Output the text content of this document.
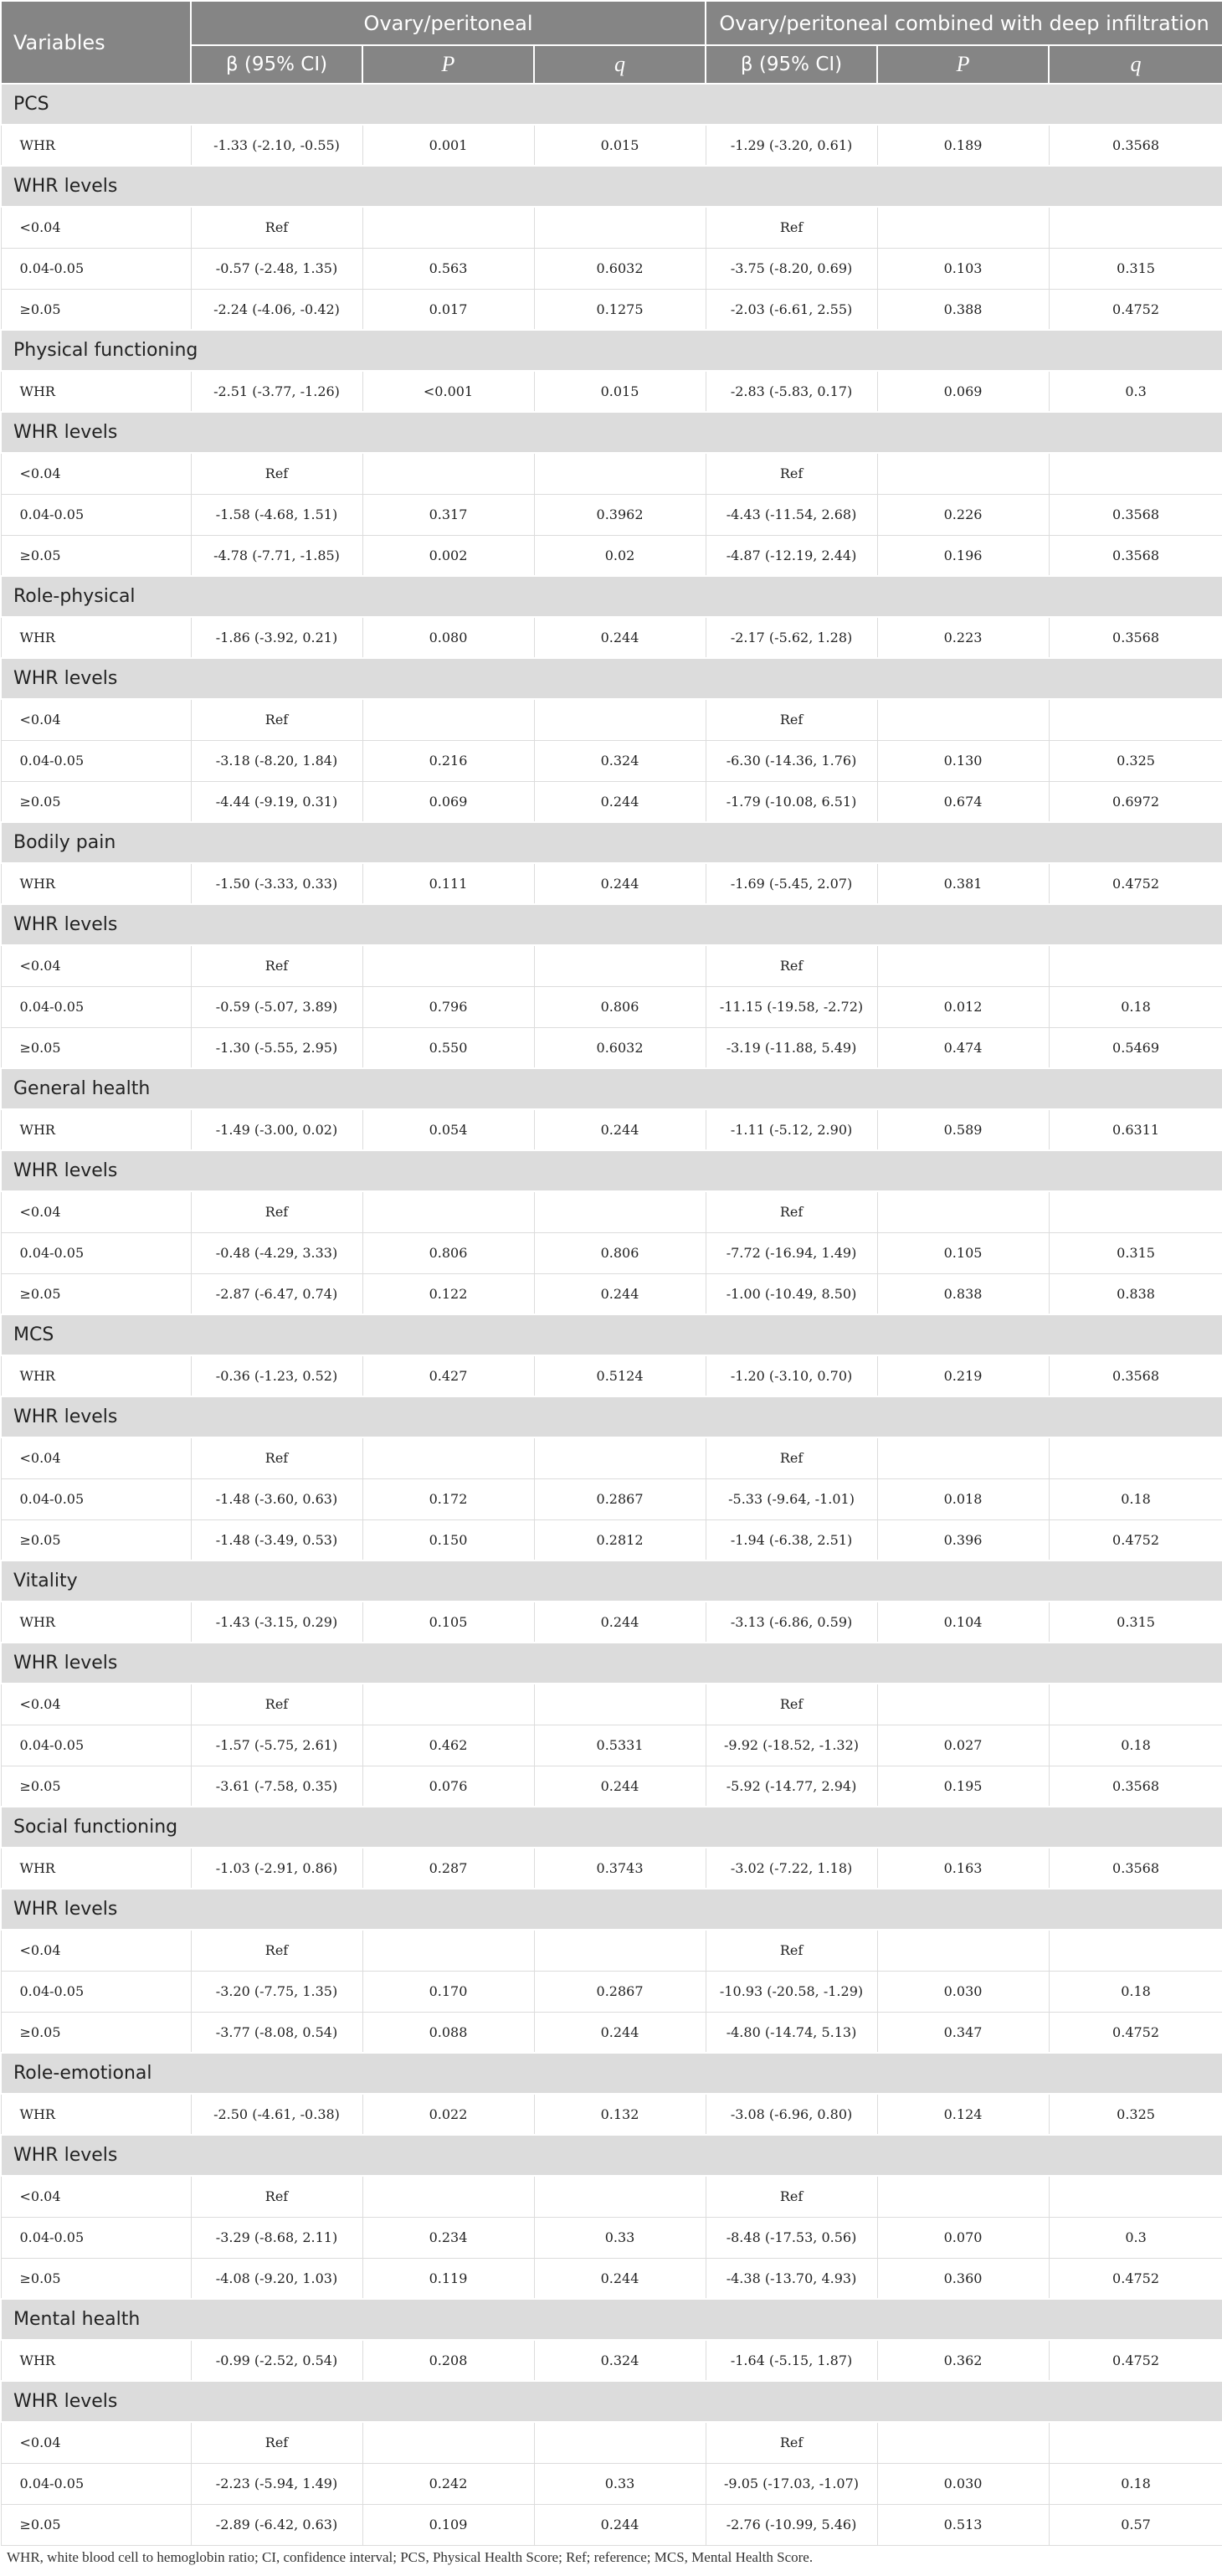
Variables	Ovary/peritoneal			Ovary/peritoneal combined with deep infiltration		
	β (95% CI)	P	q	β (95% CI)	P	q
PCS						
WHR	-1.33 (-2.10, -0.55)	0.001	0.015	-1.29 (-3.20, 0.61)	0.189	0.3568
WHR levels						
<0.04	Ref			Ref		
0.04-0.05	-0.57 (-2.48, 1.35)	0.563	0.6032	-3.75 (-8.20, 0.69)	0.103	0.315
≥0.05	-2.24 (-4.06, -0.42)	0.017	0.1275	-2.03 (-6.61, 2.55)	0.388	0.4752
Physical functioning						
WHR	-2.51 (-3.77, -1.26)	<0.001	0.015	-2.83 (-5.83, 0.17)	0.069	0.3
WHR levels						
<0.04	Ref			Ref		
0.04-0.05	-1.58 (-4.68, 1.51)	0.317	0.3962	-4.43 (-11.54, 2.68)	0.226	0.3568
≥0.05	-4.78 (-7.71, -1.85)	0.002	0.02	-4.87 (-12.19, 2.44)	0.196	0.3568
Role-physical						
WHR	-1.86 (-3.92, 0.21)	0.080	0.244	-2.17 (-5.62, 1.28)	0.223	0.3568
WHR levels						
<0.04	Ref			Ref		
0.04-0.05	-3.18 (-8.20, 1.84)	0.216	0.324	-6.30 (-14.36, 1.76)	0.130	0.325
≥0.05	-4.44 (-9.19, 0.31)	0.069	0.244	-1.79 (-10.08, 6.51)	0.674	0.6972
Bodily pain						
WHR	-1.50 (-3.33, 0.33)	0.111	0.244	-1.69 (-5.45, 2.07)	0.381	0.4752
WHR levels						
<0.04	Ref			Ref		
0.04-0.05	-0.59 (-5.07, 3.89)	0.796	0.806	-11.15 (-19.58, -2.72)	0.012	0.18
≥0.05	-1.30 (-5.55, 2.95)	0.550	0.6032	-3.19 (-11.88, 5.49)	0.474	0.5469
General health						
WHR	-1.49 (-3.00, 0.02)	0.054	0.244	-1.11 (-5.12, 2.90)	0.589	0.6311
WHR levels						
<0.04	Ref			Ref		
0.04-0.05	-0.48 (-4.29, 3.33)	0.806	0.806	-7.72 (-16.94, 1.49)	0.105	0.315
≥0.05	-2.87 (-6.47, 0.74)	0.122	0.244	-1.00 (-10.49, 8.50)	0.838	0.838
MCS						
WHR	-0.36 (-1.23, 0.52)	0.427	0.5124	-1.20 (-3.10, 0.70)	0.219	0.3568
WHR levels						
<0.04	Ref			Ref		
0.04-0.05	-1.48 (-3.60, 0.63)	0.172	0.2867	-5.33 (-9.64, -1.01)	0.018	0.18
≥0.05	-1.48 (-3.49, 0.53)	0.150	0.2812	-1.94 (-6.38, 2.51)	0.396	0.4752
Vitality						
WHR	-1.43 (-3.15, 0.29)	0.105	0.244	-3.13 (-6.86, 0.59)	0.104	0.315
WHR levels						
<0.04	Ref			Ref		
0.04-0.05	-1.57 (-5.75, 2.61)	0.462	0.5331	-9.92 (-18.52, -1.32)	0.027	0.18
≥0.05	-3.61 (-7.58, 0.35)	0.076	0.244	-5.92 (-14.77, 2.94)	0.195	0.3568
Social functioning						
WHR	-1.03 (-2.91, 0.86)	0.287	0.3743	-3.02 (-7.22, 1.18)	0.163	0.3568
WHR levels						
<0.04	Ref			Ref		
0.04-0.05	-3.20 (-7.75, 1.35)	0.170	0.2867	-10.93 (-20.58, -1.29)	0.030	0.18
≥0.05	-3.77 (-8.08, 0.54)	0.088	0.244	-4.80 (-14.74, 5.13)	0.347	0.4752
Role-emotional						
WHR	-2.50 (-4.61, -0.38)	0.022	0.132	-3.08 (-6.96, 0.80)	0.124	0.325
WHR levels						
<0.04	Ref			Ref		
0.04-0.05	-3.29 (-8.68, 2.11)	0.234	0.33	-8.48 (-17.53, 0.56)	0.070	0.3
≥0.05	-4.08 (-9.20, 1.03)	0.119	0.244	-4.38 (-13.70, 4.93)	0.360	0.4752
Mental health						
WHR	-0.99 (-2.52, 0.54)	0.208	0.324	-1.64 (-5.15, 1.87)	0.362	0.4752
WHR levels						
<0.04	Ref			Ref		
0.04-0.05	-2.23 (-5.94, 1.49)	0.242	0.33	-9.05 (-17.03, -1.07)	0.030	0.18
≥0.05	-2.89 (-6.42, 0.63)	0.109	0.244	-2.76 (-10.99, 5.46)	0.513	0.57
WHR, white blood cell to hemoglobin ratio; CI, confidence interval; PCS, Physical Health Score; Ref; reference; MCS, Mental Health Score.
